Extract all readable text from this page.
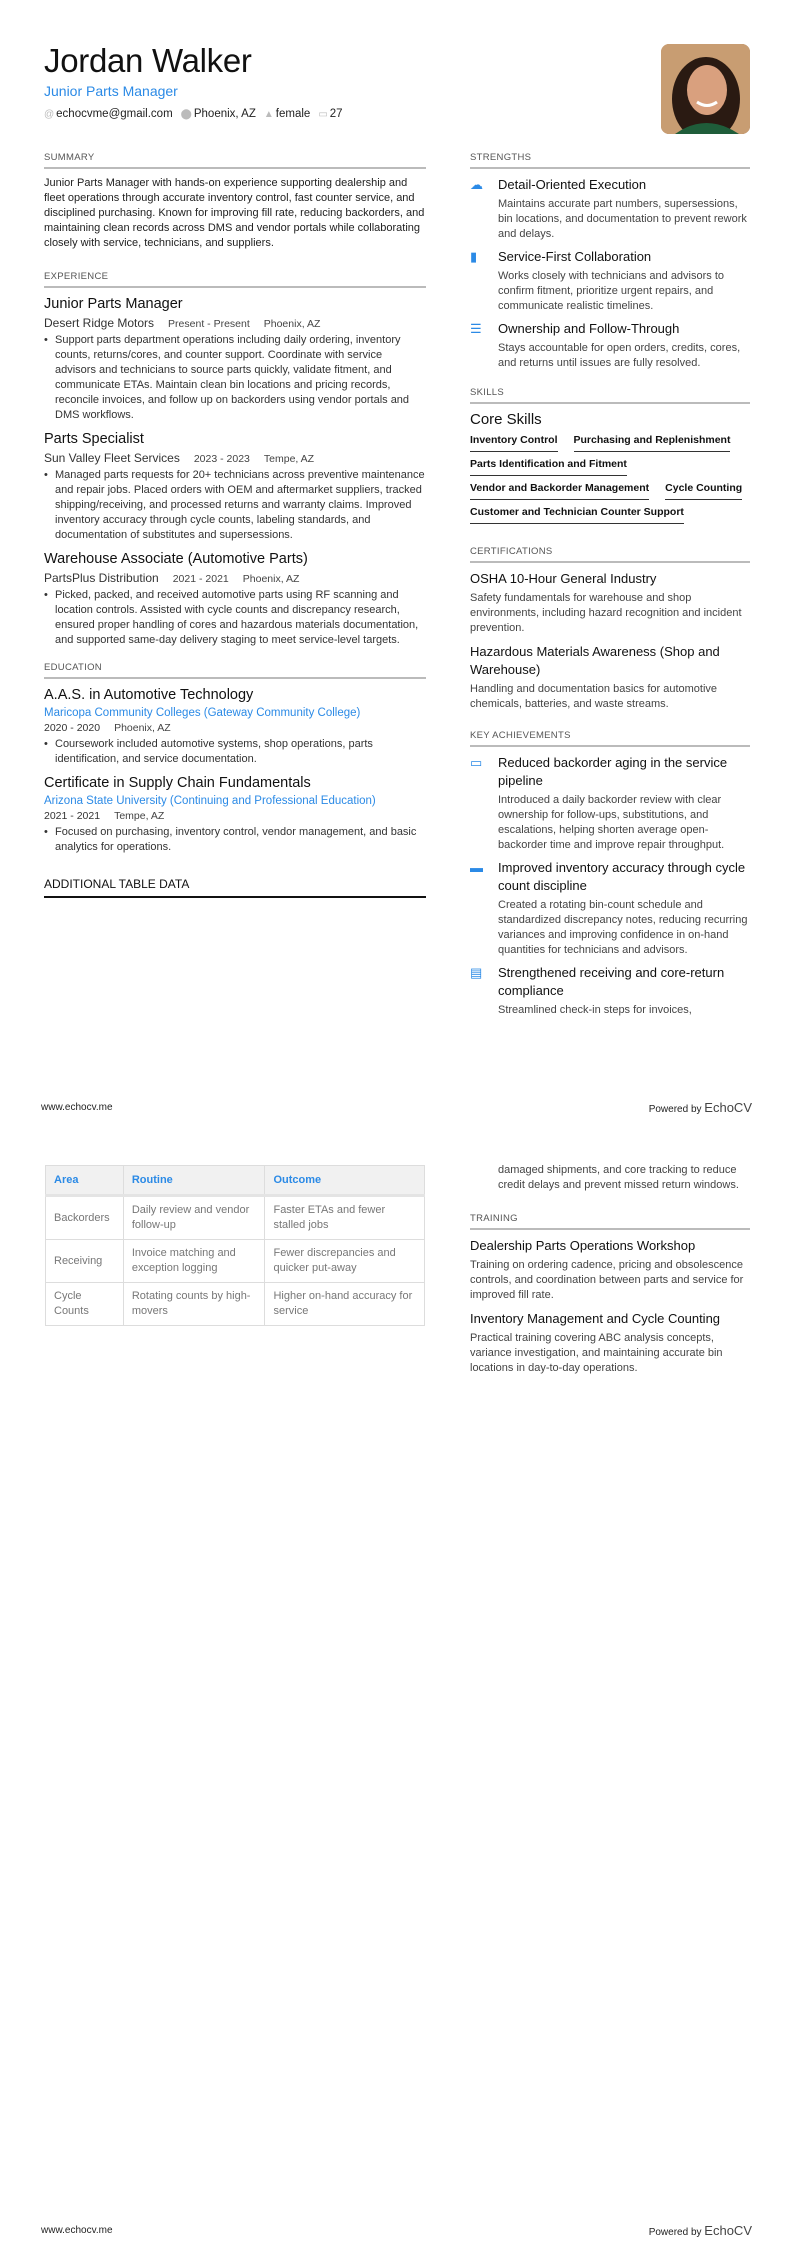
Jordan Walker
Junior Parts Manager
@ echocvme@gmail.com ⬤ Phoenix, AZ ▲ female ▭ 27
SUMMARY
Junior Parts Manager with hands-on experience supporting dealership and fleet operations through accurate inventory control, fast counter service, and disciplined purchasing. Known for improving fill rate, reducing backorders, and maintaining clean records across DMS and vendor portals while collaborating closely with service, technicians, and suppliers.
EXPERIENCE
Junior Parts Manager
Desert Ridge Motors Present - Present Phoenix, AZ
• Support parts department operations including daily ordering, inventory counts, returns/cores, and counter support. Coordinate with service advisors and technicians to source parts quickly, validate fitment, and communicate ETAs. Maintain clean bin locations and pricing records, reconcile invoices, and follow up on backorders using vendor portals and DMS workflows.
Parts Specialist
Sun Valley Fleet Services 2023 - 2023 Tempe, AZ
• Managed parts requests for 20+ technicians across preventive maintenance and repair jobs. Placed orders with OEM and aftermarket suppliers, tracked shipping/receiving, and processed returns and warranty claims. Improved inventory accuracy through cycle counts, labeling standards, and documentation of substitutes and supersessions.
Warehouse Associate (Automotive Parts)
PartsPlus Distribution 2021 - 2021 Phoenix, AZ
• Picked, packed, and received automotive parts using RF scanning and location controls. Assisted with cycle counts and discrepancy research, ensured proper handling of cores and hazardous materials documentation, and supported same-day delivery staging to meet service-level targets.
EDUCATION
A.A.S. in Automotive Technology
Maricopa Community Colleges (Gateway Community College)
2020 - 2020 Phoenix, AZ
• Coursework included automotive systems, shop operations, parts identification, and service documentation.
Certificate in Supply Chain Fundamentals
Arizona State University (Continuing and Professional Education)
2021 - 2021 Tempe, AZ
• Focused on purchasing, inventory control, vendor management, and basic analytics for operations.
ADDITIONAL TABLE DATA
STRENGTHS
☁ Detail-Oriented Execution
Maintains accurate part numbers, supersessions, bin locations, and documentation to prevent rework and delays.
▮	Service-First Collaboration
Works closely with technicians and advisors to confirm fitment, prioritize urgent repairs, and communicate realistic timelines.
☰ Ownership and Follow-Through
Stays accountable for open orders, credits, cores, and returns until issues are fully resolved.
SKILLS
Core Skills
Inventory Control Purchasing and Replenishment
Parts Identification and Fitment
Vendor and Backorder Management Cycle Counting
Customer and Technician Counter Support
CERTIFICATIONS
OSHA 10-Hour General Industry
Safety fundamentals for warehouse and shop environments, including hazard recognition and incident prevention.
Hazardous Materials Awareness (Shop and Warehouse)
Handling and documentation basics for automotive chemicals, batteries, and waste streams.
KEY ACHIEVEMENTS
▭ Reduced backorder aging in the service pipeline
Introduced a daily backorder review with clear ownership for follow-ups, substitutions, and escalations, helping shorten average open-backorder time and improve repair throughput.
▬ Improved inventory accuracy through cycle count discipline
Created a rotating bin-count schedule and standardized discrepancy notes, reducing recurring variances and improving confidence in on-hand quantities for technicians and advisors.
▤ Strengthened receiving and core-return compliance
Streamlined check-in steps for invoices,
www.echocv.me	Powered by EchoCV
Area	Routine	Outcome
Backorders	Daily review and vendor follow-up	Faster ETAs and fewer stalled jobs
Receiving	Invoice matching and exception logging	Fewer discrepancies and quicker put-away
Cycle Counts	Rotating counts by high-movers	Higher on-hand accuracy for service
damaged shipments, and core tracking to reduce credit delays and prevent missed return windows.
TRAINING
Dealership Parts Operations Workshop
Training on ordering cadence, pricing and obsolescence controls, and coordination between parts and service for improved fill rate.
Inventory Management and Cycle Counting
Practical training covering ABC analysis concepts, variance investigation, and maintaining accurate bin locations in day-to-day operations.
www.echocv.me	Powered by EchoCV
